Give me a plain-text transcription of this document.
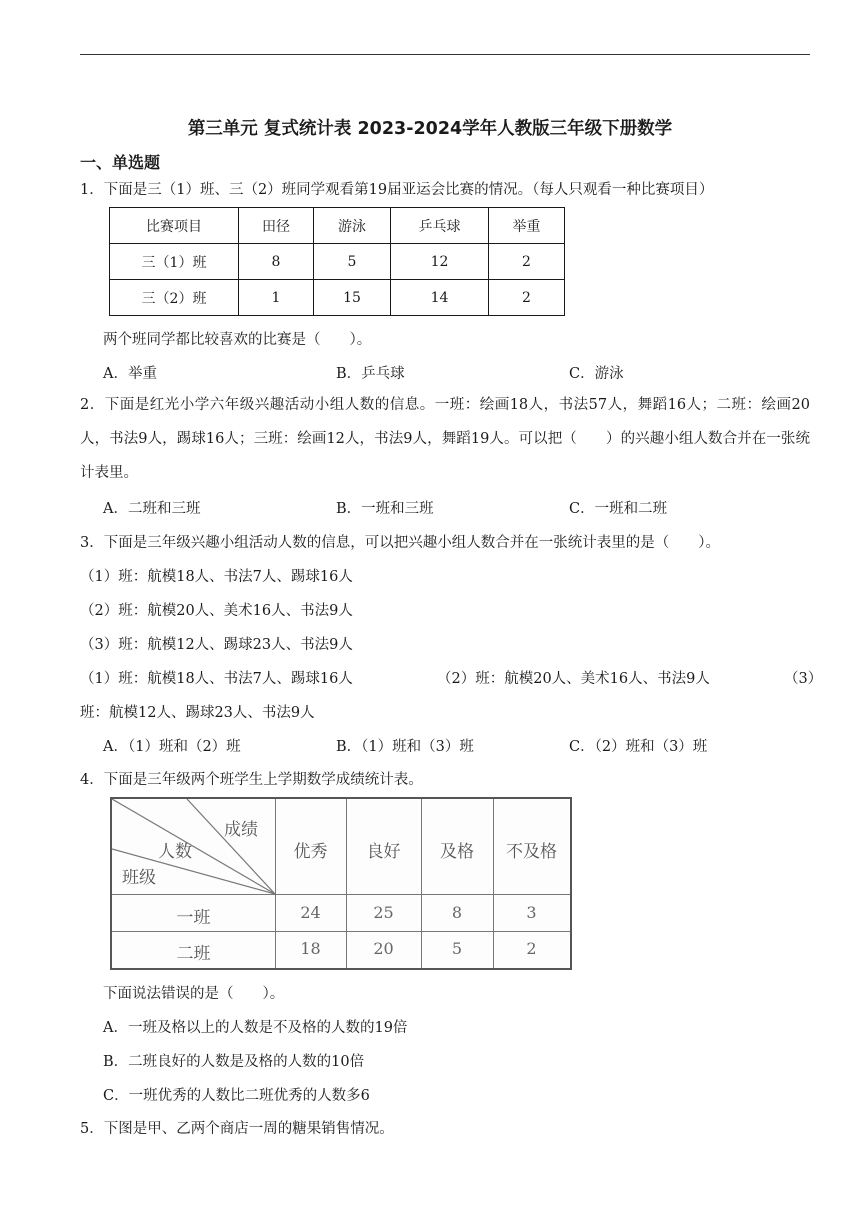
第三单元 复式统计表 2023-2024学年人教版三年级下册数学
一、单选题
1．下面是三（1）班、三（2）班同学观看第19届亚运会比赛的情况。（每人只观看一种比赛项目）
比赛项目	田径	游泳	乒乓球	举重
三（1）班	8	5	12	2
三（2）班	1	15	14	2
两个班同学都比较喜欢的比赛是（　　）。
A．举重	B．乒乓球	C．游泳
2．下面是红光小学六年级兴趣活动小组人数的信息。一班：绘画18人，书法57人，舞蹈16人；二班：绘画20人，书法9人，踢球16人；三班：绘画12人，书法9人，舞蹈19人。可以把（　　）的兴趣小组人数合并在一张统计表里。
A．二班和三班	B．一班和三班	C．一班和二班
3．下面是三年级兴趣小组活动人数的信息，可以把兴趣小组人数合并在一张统计表里的是（　　）。
（1）班：航模18人、书法7人、踢球16人
（2）班：航模20人、美术16人、书法9人
（3）班：航模12人、踢球23人、书法9人
（1）班：航模18人、书法7人、踢球16人	（2）班：航模20人、美术16人、书法9人	（3）
班：航模12人、踢球23人、书法9人
A．（1）班和（2）班	B．（1）班和（3）班	C．（2）班和（3）班
4．下面是三年级两个班学生上学期数学成绩统计表。
成绩
人数
班级
优秀	良好	及格	不及格
一班	24	25	8	3
二班	18	20	5	2
下面说法错误的是（　　）。
A．一班及格以上的人数是不及格的人数的19倍
B．二班良好的人数是及格的人数的10倍
C．一班优秀的人数比二班优秀的人数多6
5．下图是甲、乙两个商店一周的糖果销售情况。
